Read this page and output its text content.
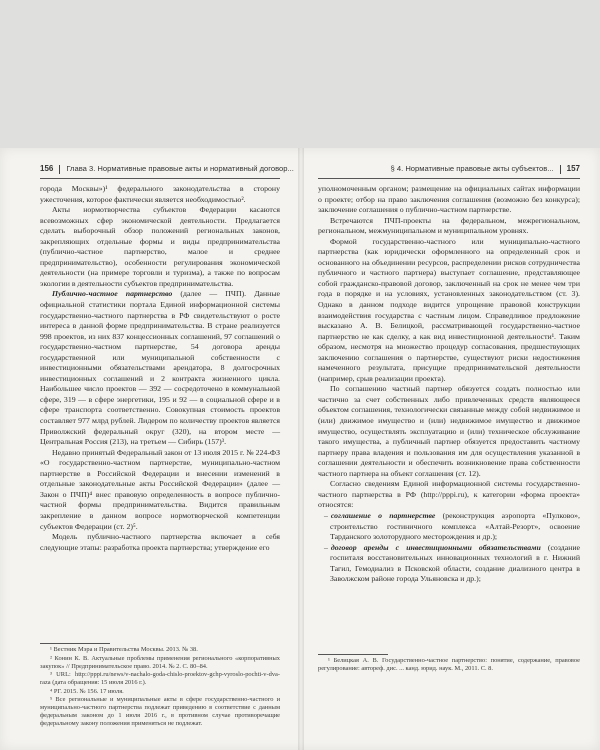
156 Глава 3. Нормативные правовые акты и нормативный договор...

города Москвы»)¹ федерального законодательства в сторону ужесточения, которое фактически является необходимостью².

Акты нормотворчества субъектов Федерации касаются всевозможных сфер экономической деятельности. Предлагается сделать выборочный обзор положений региональных законов, закрепляющих отдельные формы и виды предпринимательства (публично-частное партнерство, малое и среднее предпринимательство), особенности регулирования экономической деятельности (на примере торговли и туризма), а также по вопросам экологии в деятельности субъектов предпринимательства.

Публично-частное партнерство (далее — ПЧП). Данные официальной статистики портала Единой информационной системы государственно-частного партнерства в РФ свидетельствуют о росте интереса в данной форме предпринимательства. В стране реализуется 998 проектов, из них 837 концессионных соглашений, 97 соглашений о государственно-частном партнерстве, 54 договора аренды государственной или муниципальной собственности с инвестиционными обязательствами арендатора, 8 долгосрочных инвестиционных соглашений и 2 контракта жизненного цикла. Наибольшее число проектов — 392 — сосредоточено в коммунальной сфере, 319 — в сфере энергетики, 195 и 92 — в социальной сфере и в сфере транспорта соответственно. Совокупная стоимость проектов составляет 977 млрд рублей. Лидером по количеству проектов является Приволжский федеральный округ (320), на втором месте — Центральная Россия (213), на третьем — Сибирь (157)³.

Недавно принятый Федеральный закон от 13 июля 2015 г. № 224-ФЗ «О государственно-частном партнерстве, муниципально-частном партнерстве в Российской Федерации и внесении изменений в отдельные законодательные акты Российской Федерации» (далее — Закон о ПЧП)⁴ внес правовую определенность в вопросе публично-частной формы предпринимательства. Видится правильным закрепление в данном вопросе нормотворческой компетенции субъектов Федерации (ст. 2)⁵.

Модель публично-частного партнерства включает в себя следующие этапы: разработка проекта партнерства; утверждение его

¹ Вестник Мэра и Правительства Москвы. 2013. № 38.

² Конин К. В. Актуальные проблемы применения регионального «корпоративных закупок» // Предпринимательское право. 2014. № 2. С. 80–84.

³ URL: http://pppi.ru/news/v-nachalo-goda-chislo-proektov-gchp-vyroslo-pochti-v-dva-raza (дата обращения: 15 июля 2016 г.).

⁴ РГ. 2015. № 156. 17 июля.

⁵ Все региональные и муниципальные акты в сфере государственно-частного и муниципально-частного партнерства подлежат приведению в соответствие с данным федеральным законом до 1 июля 2016 г., в противном случае противоречащие федеральному закону положения применяться не подлежат.

§ 4. Нормативные правовые акты субъектов... 157

уполномоченным органом; размещение на официальных сайтах информации о проекте; отбор на право заключения соглашения (возможно без конкурса); заключение соглашения о публично-частном партнерстве.

Встречаются ПЧП-проекты на федеральном, межрегиональном, региональном, межмуниципальном и муниципальном уровнях.

Формой государственно-частного или муниципально-частного партнерства (как юридически оформленного на определенный срок и основанного на объединении ресурсов, распределении рисков сотрудничества публичного и частного партнера) выступает соглашение, представляющее собой гражданско-правовой договор, заключенный на срок не менее чем три года в порядке и на условиях, установленных законодательством (ст. 3). Однако в данном подходе видится упрощение правовой конструкции взаимодействия государства с частным лицом. Справедливое предложение высказано А. В. Белицкой, рассматривающей государственно-частное партнерство не как сделку, а как вид инвестиционной деятельности¹. Таким образом, несмотря на множество процедур согласования, предшествующих заключению соглашения о партнерстве, существуют риски недостижения намеченного результата, присущие предпринимательской деятельности (например, срыв реализации проекта).

По соглашению частный партнер обязуется создать полностью или частично за счет собственных либо привлеченных средств являющееся объектом соглашения, технологически связанные между собой недвижимое и (или) движимое имущество и (или) недвижимое имущество и движимое имущество, осуществлять эксплуатацию и (или) техническое обслуживание такого имущества, а публичный партнер обязуется предоставить частному партнеру права владения и пользования им для осуществления указанной в соглашении деятельности и обеспечить возникновение права собственности частного партнера на объект соглашения (ст. 12).

Согласно сведениям Единой информационной системы государственно-частного партнерства в РФ (http://pppi.ru), к категории «форма проекта» относятся:

– соглашение о партнерстве (реконструкция аэропорта «Пулково», строительство гостиничного комплекса «Алтай-Резорт», освоение Тарданского золоторудного месторождения и др.);
– договор аренды с инвестиционными обязательствами (создание госпиталя восстановительных инновационных технологий в г. Нижний Тагил, Гемодиализ в Псковской области, создание диализного центра в Заволжском районе города Ульяновска и др.);

¹ Белицкая А. В. Государственно-частное партнерство: понятие, содержание, правовое регулирование: автореф. дис. ... канд. юрид. наук. М., 2011. С. 8.
